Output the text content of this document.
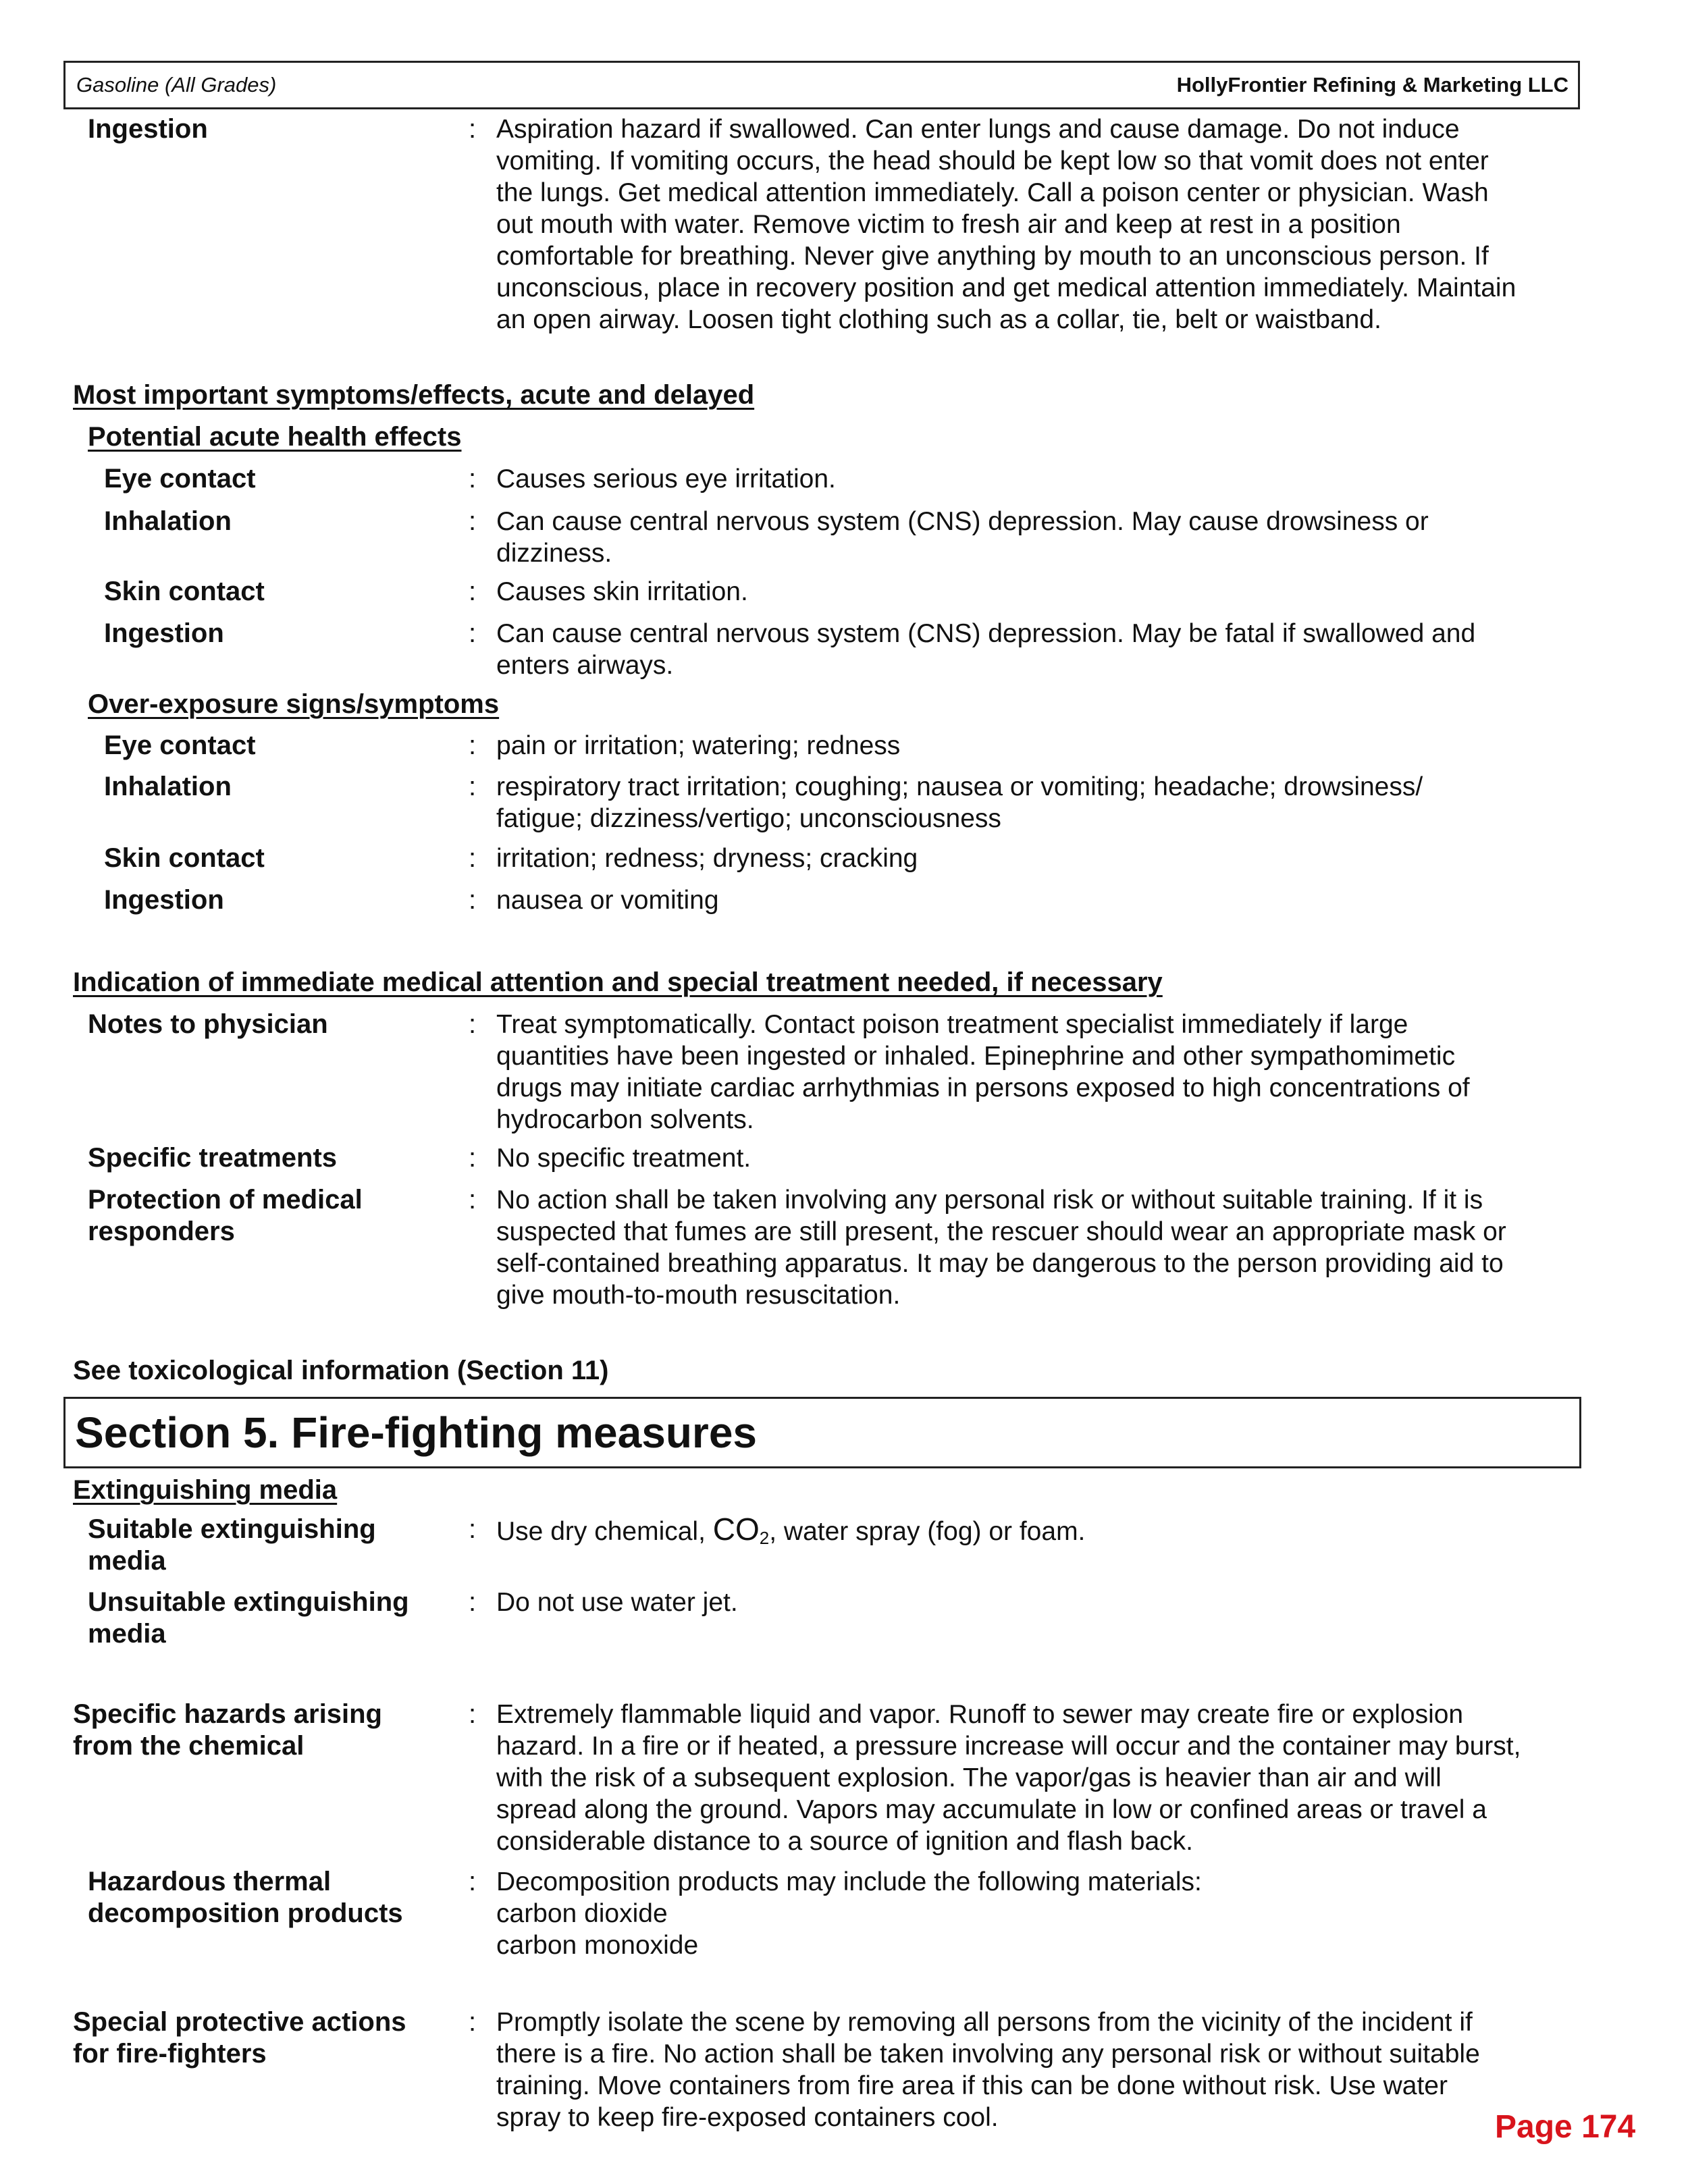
Gasoline (All Grades)	HollyFrontier Refining & Marketing LLC
Ingestion	: Aspiration hazard if swallowed. Can enter lungs and cause damage. Do not induce
vomiting. If vomiting occurs, the head should be kept low so that vomit does not enter
the lungs. Get medical attention immediately. Call a poison center or physician. Wash
out mouth with water. Remove victim to fresh air and keep at rest in a position
comfortable for breathing. Never give anything by mouth to an unconscious person. If
unconscious, place in recovery position and get medical attention immediately. Maintain
an open airway. Loosen tight clothing such as a collar, tie, belt or waistband.
Most important symptoms/effects, acute and delayed
Potential acute health effects
Eye contact	: Causes serious eye irritation.
Inhalation	: Can cause central nervous system (CNS) depression. May cause drowsiness or
dizziness.
Skin contact	: Causes skin irritation.
Ingestion	: Can cause central nervous system (CNS) depression. May be fatal if swallowed and
enters airways.
Over-exposure signs/symptoms
Eye contact	: pain or irritation; watering; redness
Inhalation	: respiratory tract irritation; coughing; nausea or vomiting; headache; drowsiness/
fatigue; dizziness/vertigo; unconsciousness
Skin contact	: irritation; redness; dryness; cracking
Ingestion	: nausea or vomiting
Indication of immediate medical attention and special treatment needed, if necessary
Notes to physician	: Treat symptomatically. Contact poison treatment specialist immediately if large
quantities have been ingested or inhaled. Epinephrine and other sympathomimetic
drugs may initiate cardiac arrhythmias in persons exposed to high concentrations of
hydrocarbon solvents.
Specific treatments	: No specific treatment.
Protection of medical
responders
: No action shall be taken involving any personal risk or without suitable training. If it is
suspected that fumes are still present, the rescuer should wear an appropriate mask or
self-contained breathing apparatus. It may be dangerous to the person providing aid to
give mouth-to-mouth resuscitation.
See toxicological information (Section 11)
Section 5. Fire-fighting measures
Extinguishing media
Suitable extinguishing
media
: Use dry chemical, CO2, water spray (fog) or foam.
Unsuitable extinguishing
media
: Do not use water jet.
Specific hazards arising
from the chemical
: Extremely flammable liquid and vapor. Runoff to sewer may create fire or explosion
hazard. In a fire or if heated, a pressure increase will occur and the container may burst,
with the risk of a subsequent explosion. The vapor/gas is heavier than air and will
spread along the ground. Vapors may accumulate in low or confined areas or travel a
considerable distance to a source of ignition and flash back.
Hazardous thermal
decomposition products
: Decomposition products may include the following materials:
carbon dioxide
carbon monoxide
Special protective actions
for fire-fighters
: Promptly isolate the scene by removing all persons from the vicinity of the incident if
there is a fire. No action shall be taken involving any personal risk or without suitable
training. Move containers from fire area if this can be done without risk. Use water
spray to keep fire-exposed containers cool.	Page 174
